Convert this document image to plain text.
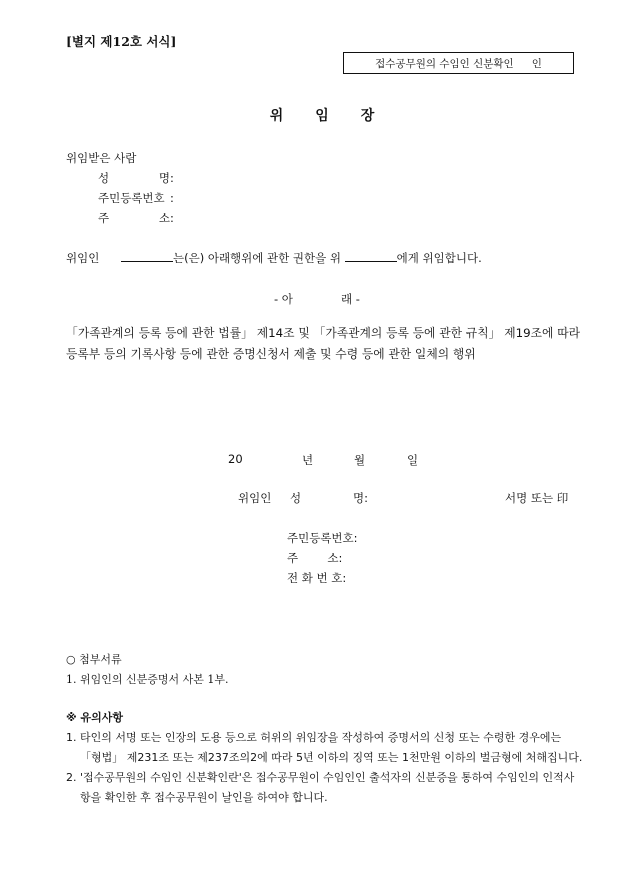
[별지 제12호 서식]
접수공무원의 수임인 신분확인 인
위 임 장
위임받은 사람
성 명:
주민등록번호 :
주 소:
위임인	는(은) 아래행위에 관한 권한을 위	에게 위임합니다.
- 아	래 -
「가족관계의 등록 등에 관한 법률」 제14조 및 「가족관계의 등록 등에 관한 규칙」 제19조에 따라 등록부 등의 기록사항 등에 관한 증명신청서 제출 및 수령 등에 관한 일체의 행위
20	년	월	일
위임인 성	명:	서명 또는 印
주민등록번호:
주        소:
전 화 번 호:
○ 첨부서류
1. 위임인의 신분증명서 사본 1부.
※ 유의사항
1. 타인의 서명 또는 인장의 도용 등으로 허위의 위임장을 작성하여 증명서의 신청 또는 수령한 경우에는 「형법」 제231조 또는 제237조의2에 따라 5년 이하의 징역 또는 1천만원 이하의 벌금형에 처해집니다.
2. '접수공무원의 수임인 신분확인란'은 접수공무원이 수임인인 출석자의 신분증을 통하여 수임인의 인적사항을 확인한 후 접수공무원이 날인을 하여야 합니다.
